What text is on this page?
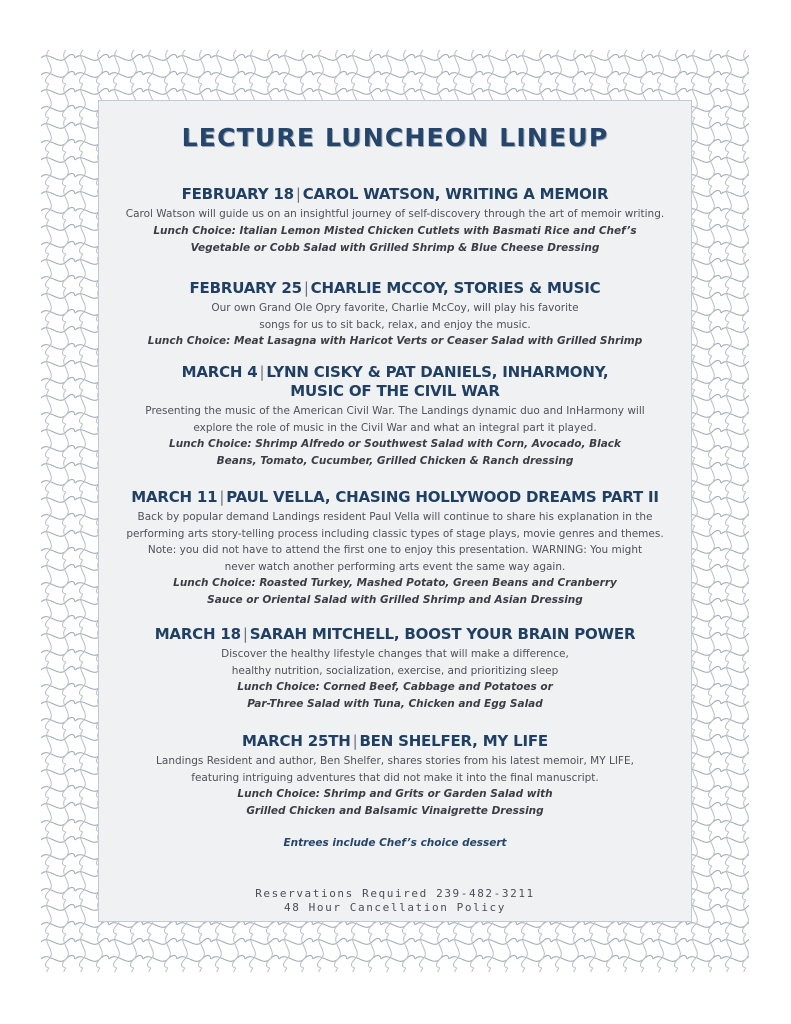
LECTURE LUNCHEON LINEUP
FEBRUARY 18 | CAROL WATSON, WRITING A MEMOIR
Carol Watson will guide us on an insightful journey of self-discovery through the art of memoir writing.
Lunch Choice: Italian Lemon Misted Chicken Cutlets with Basmati Rice and Chef’s
Vegetable or Cobb Salad with Grilled Shrimp & Blue Cheese Dressing
FEBRUARY 25 | CHARLIE MCCOY, STORIES & MUSIC
Our own Grand Ole Opry favorite, Charlie McCoy, will play his favorite
songs for us to sit back, relax, and enjoy the music.
Lunch Choice: Meat Lasagna with Haricot Verts or Ceaser Salad with Grilled Shrimp
MARCH 4 | LYNN CISKY & PAT DANIELS, INHARMONY,
MUSIC OF THE CIVIL WAR
Presenting the music of the American Civil War. The Landings dynamic duo and InHarmony will
explore the role of music in the Civil War and what an integral part it played.
Lunch Choice: Shrimp Alfredo or Southwest Salad with Corn, Avocado, Black
Beans, Tomato, Cucumber, Grilled Chicken & Ranch dressing
MARCH 11 | PAUL VELLA, CHASING HOLLYWOOD DREAMS PART II
Back by popular demand Landings resident Paul Vella will continue to share his explanation in the
performing arts story-telling process including classic types of stage plays, movie genres and themes.
Note: you did not have to attend the first one to enjoy this presentation. WARNING: You might
never watch another performing arts event the same way again.
Lunch Choice: Roasted Turkey, Mashed Potato, Green Beans and Cranberry
Sauce or Oriental Salad with Grilled Shrimp and Asian Dressing
MARCH 18 | SARAH MITCHELL, BOOST YOUR BRAIN POWER
Discover the healthy lifestyle changes that will make a difference,
healthy nutrition, socialization, exercise, and prioritizing sleep
Lunch Choice: Corned Beef, Cabbage and Potatoes or
Par-Three Salad with Tuna, Chicken and Egg Salad
MARCH 25TH | BEN SHELFER, MY LIFE
Landings Resident and author, Ben Shelfer, shares stories from his latest memoir, MY LIFE,
featuring intriguing adventures that did not make it into the final manuscript.
Lunch Choice: Shrimp and Grits or Garden Salad with
Grilled Chicken and Balsamic Vinaigrette Dressing

Entrees include Chef’s choice dessert

Reservations Required 239-482-3211
48 Hour Cancellation Policy
